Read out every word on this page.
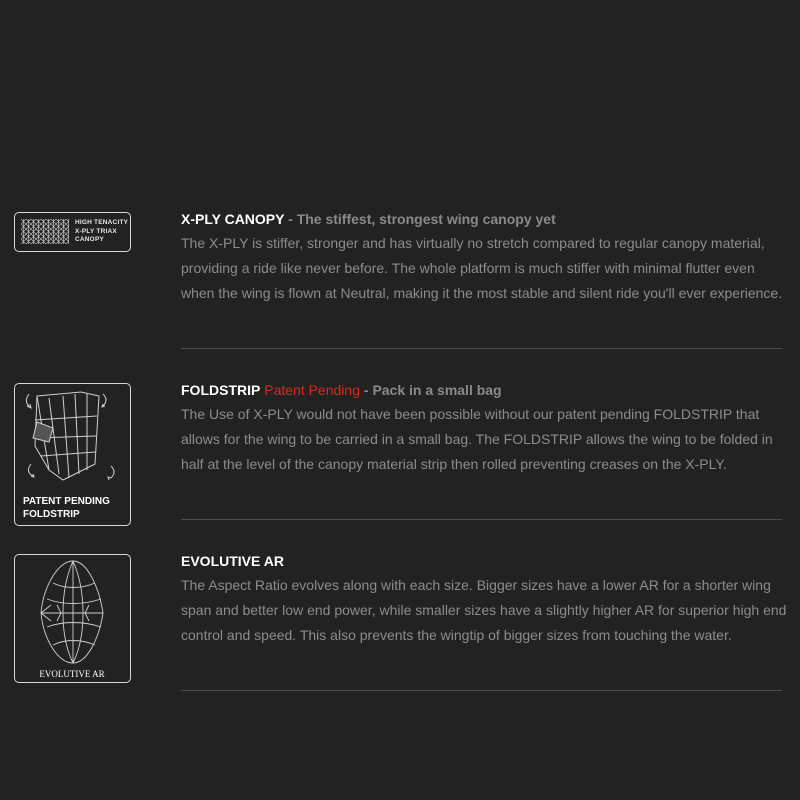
HIGH TENACITY
X-PLY TRIAX
CANOPY

X-PLY CANOPY - The stiffest, strongest wing canopy yet

The X-PLY is stiffer, stronger and has virtually no stretch compared to regular canopy material, providing a ride like never before. The whole platform is much stiffer with minimal flutter even when the wing is flown at Neutral, making it the most stable and silent ride you'll ever experience.

PATENT PENDING
FOLDSTRIP

FOLDSTRIP Patent Pending - Pack in a small bag

The Use of X-PLY would not have been possible without our patent pending FOLDSTRIP that allows for the wing to be carried in a small bag. The FOLDSTRIP allows the wing to be folded in half at the level of the canopy material strip then rolled preventing creases on the X-PLY.

EVOLUTIVE AR

EVOLUTIVE AR

The Aspect Ratio evolves along with each size. Bigger sizes have a lower AR for a shorter wing span and better low end power, while smaller sizes have a slightly higher AR for superior high end control and speed. This also prevents the wingtip of bigger sizes from touching the water.
